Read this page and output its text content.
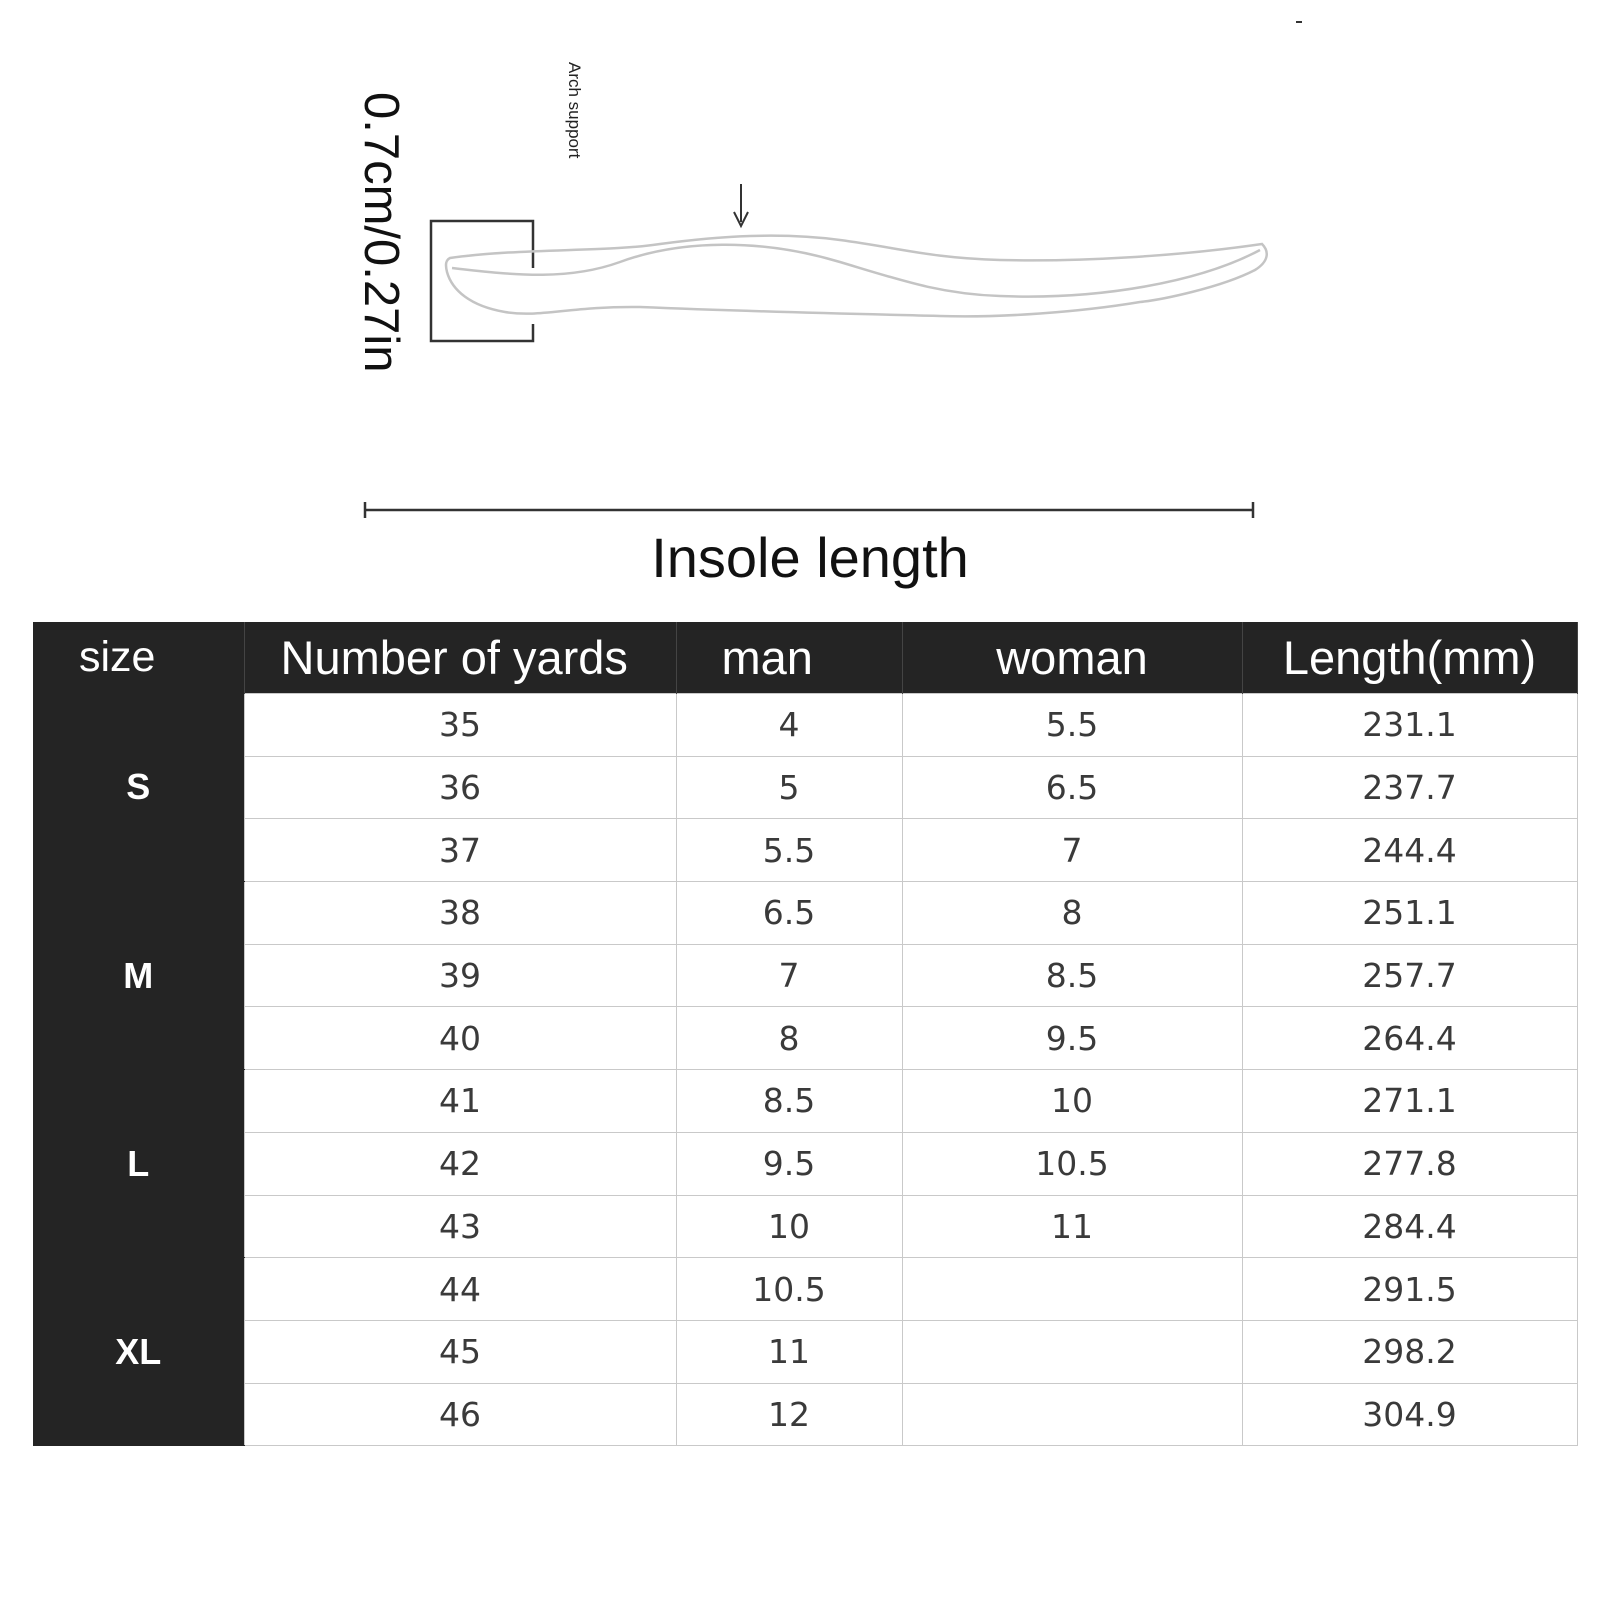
0.7cm/0.27in	Arch support
Insole length
size	Number of yards	man	woman	Length(mm)
S	35	4	5.5	231.1
	36	5	6.5	237.7
	37	5.5	7	244.4
M	38	6.5	8	251.1
	39	7	8.5	257.7
	40	8	9.5	264.4
L	41	8.5	10	271.1
	42	9.5	10.5	277.8
	43	10	11	284.4
XL	44	10.5		291.5
	45	11		298.2
	46	12		304.9
